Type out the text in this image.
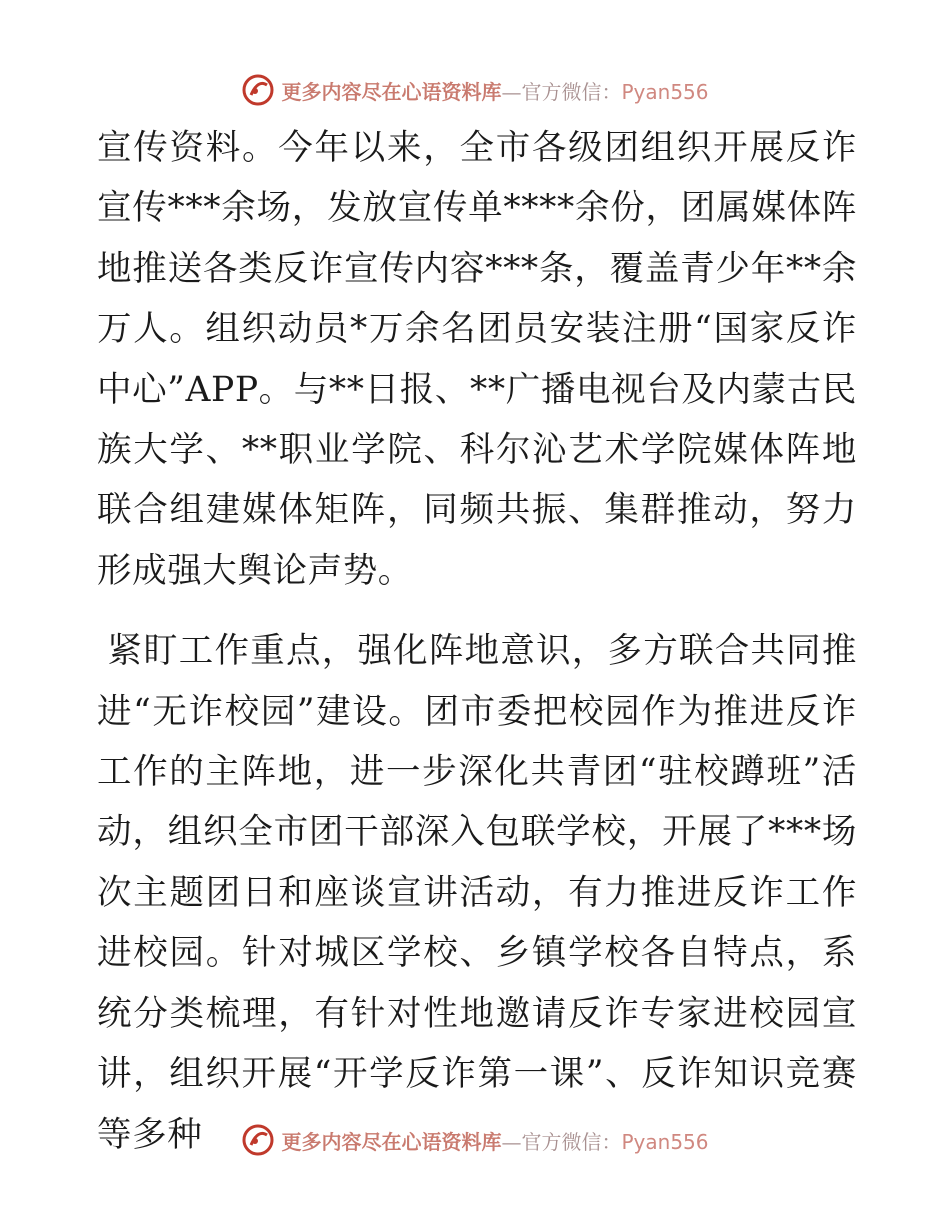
更多内容尽在心语资料库—官方微信：Pyan556

宣传资料。今年以来，全市各级团组织开展反诈宣传***余场，发放宣传单****余份，团属媒体阵地推送各类反诈宣传内容***条，覆盖青少年**余万人。组织动员*万余名团员安装注册“国家反诈中心”APP。与**日报、**广播电视台及内蒙古民族大学、**职业学院、科尔沁艺术学院媒体阵地联合组建媒体矩阵，同频共振、集群推动，努力形成强大舆论声势。

紧盯工作重点，强化阵地意识，多方联合共同推进“无诈校园”建设。团市委把校园作为推进反诈工作的主阵地，进一步深化共青团“驻校蹲班”活动，组织全市团干部深入包联学校，开展了***场次主题团日和座谈宣讲活动，有力推进反诈工作进校园。针对城区学校、乡镇学校各自特点，系统分类梳理，有针对性地邀请反诈专家进校园宣讲，组织开展“开学反诈第一课”、反诈知识竞赛等多种	更多内容尽在心语资料库—官方微信：Pyan556
